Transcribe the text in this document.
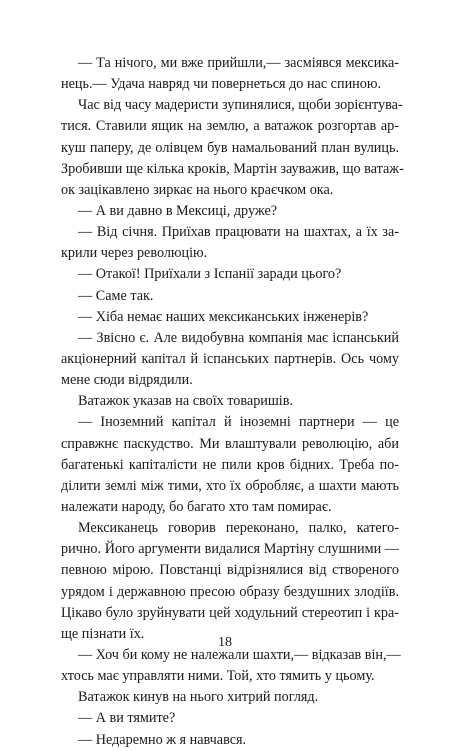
— Та нічого, ми вже прийшли,— засміявся мексика-
нець.— Удача навряд чи повернеться до нас спиною.
Час від часу мадеристи зупинялися, щоби зорієнтува-
тися. Ставили ящик на землю, а ватажок розгортав ар-
куш паперу, де олівцем був намальований план вулиць.
Зробивши ще кілька кроків, Мартін зауважив, що ватаж-
ок зацікавлено зиркає на нього краєчком ока.
— А ви давно в Мексиці, друже?
— Від січня. Приїхав працювати на шахтах, а їх за-
крили через революцію.
— Отакої! Приїхали з Іспанії заради цього?
— Саме так.
— Хіба немає наших мексиканських інженерів?
— Звісно є. Але видобувна компанія має іспанський
акціонерний капітал й іспанських партнерів. Ось чому
мене сюди відрядили.
Ватажок указав на своїх товаришів.
— Іноземний капітал й іноземні партнери — це
справжнє паскудство. Ми влаштували революцію, аби
багатенькі капіталісти не пили кров бідних. Треба по-
ділити землі між тими, хто їх обробляє, а шахти мають
належати народу, бо багато хто там помирає.
Мексиканець говорив переконано, палко, катего-
рично. Його аргументи видалися Мартіну слушними —
певною мірою. Повстанці відрізнялися від створеного
урядом і державною пресою образу бездушних злодіїв.
Цікаво було зруйнувати цей ходульний стереотип і кра-
ще пізнати їх.
— Хоч би кому не належали шахти,— відказав він,—
хтось має управляти ними. Той, хто тямить у цьому.
Ватажок кинув на нього хитрий погляд.
— А ви тямите?
— Недаремно ж я навчався.
18
